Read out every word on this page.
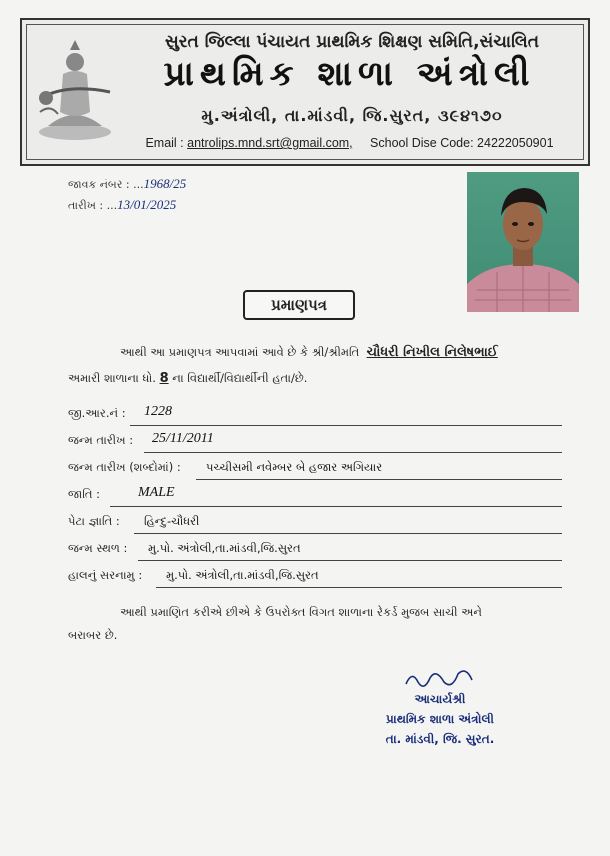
સુરત જિલ્લા પંચાયત પ્રાથમિક શિક્ષણ સમિતિ,સંચાલિત
પ્રાથમિક શાળા અંત્રોલી
મુ.અંત્રોલી, તા.માંડવી, જિ.સુરત, ૩૯૪૧૭૦
Email : antrolips.mnd.srt@gmail.com, School Dise Code: 24222050901
જાવક નંબર : ...1968/25
તારીખ : ...13/01/2025
પ્રમાણપત્ર
આથી આ પ્રમાણપત્ર આપવામાં આવે છે કે શ્રી/શ્રીમતિ ચૌધરી નિખીલ નિલેષભાઈ
અમારી શાળાના ધો. 8 ના વિદ્યાર્થી/વિદ્યાર્થીની હતા/છે.
જી.આર.નં : 1228
જન્મ તારીખ : 25/11/2011
જન્મ તારીખ (શબ્દોમાં) : પચ્ચીસમી નવેમ્બર બે હજાર અગિયાર
જાતિ :	MALE
પેટા જ્ઞાતિ : હિન્દુ-ચૌધરી
જન્મ સ્થળ : મુ.પો. અંત્રોલી,તા.માંડવી,જિ.સુરત
હાલનું સરનામુ : મુ.પો. અંત્રોલી,તા.માંડવી,જિ.સુરત
આથી પ્રમાણિત કરીએ છીએ કે ઉપરોક્ત વિગત શાળાના રેકર્ડ મુજબ સાચી અને
બરાબર છે.
આચાર્યશ્રી
પ્રાથમિક શાળા અંત્રોલી
તા. માંડવી, જિ. સુરત.
